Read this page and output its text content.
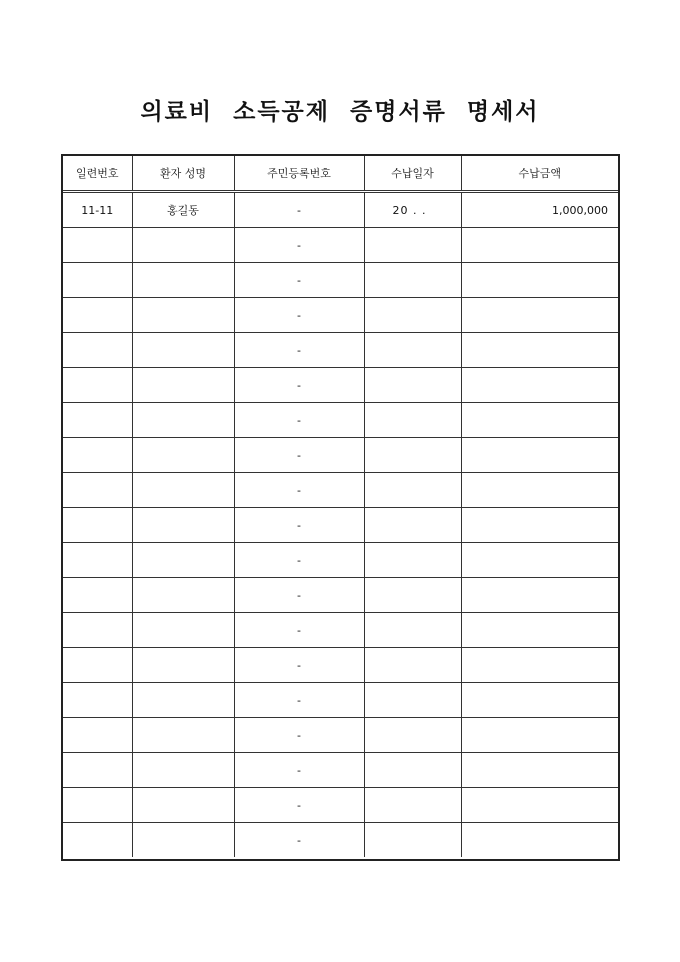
의료비 소득공제 증명서류 명세서
일련번호	환자 성명	주민등록번호	수납일자	수납금액
11-11	홍길동	-	20 . .	1,000,000
		-		
		-		
		-		
		-		
		-		
		-		
		-		
		-		
		-		
		-		
		-		
		-		
		-		
		-		
		-		
		-		
		-		
		-		
